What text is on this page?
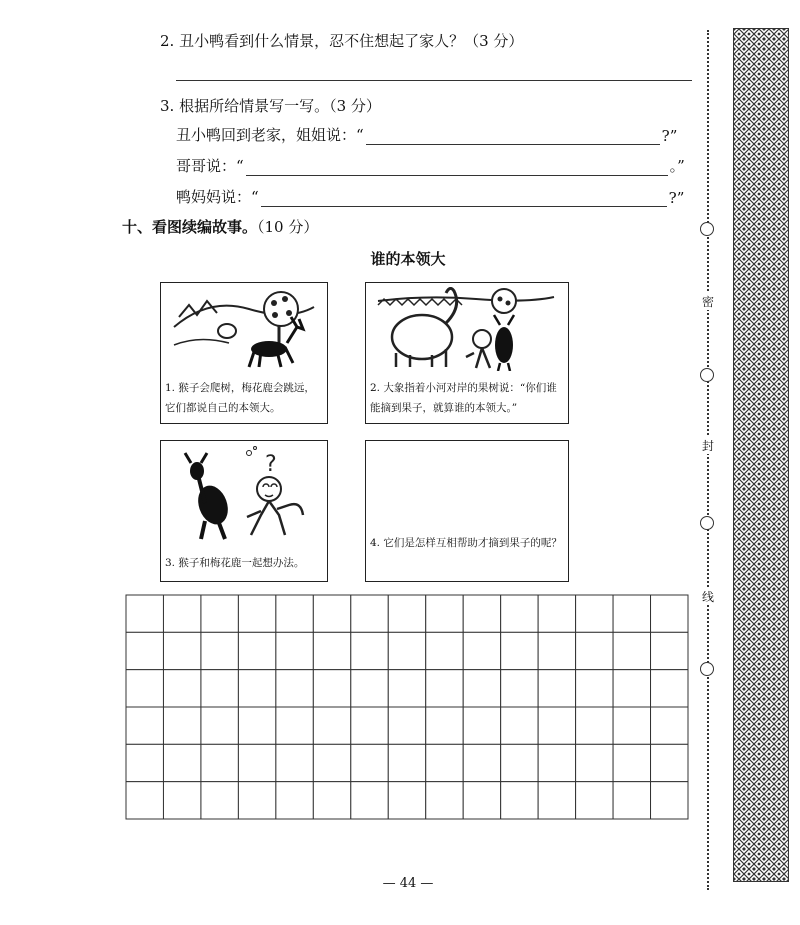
2. 丑小鸭看到什么情景，忍不住想起了家人？（3 分）
3. 根据所给情景写一写。（3 分）
丑小鸭回到老家，姐姐说：“	?”
哥哥说：“	。”
鸭妈妈说：“	?”
十、看图续编故事。（10 分）
谁的本领大
1. 猴子会爬树，梅花鹿会跳远，它们都说自己的本领大。
2. 大象指着小河对岸的果树说：“你们谁能摘到果子，就算谁的本领大。”
?
3. 猴子和梅花鹿一起想办法。
4. 它们是怎样互相帮助才摘到果子的呢？
密
封
线
— 44 —
